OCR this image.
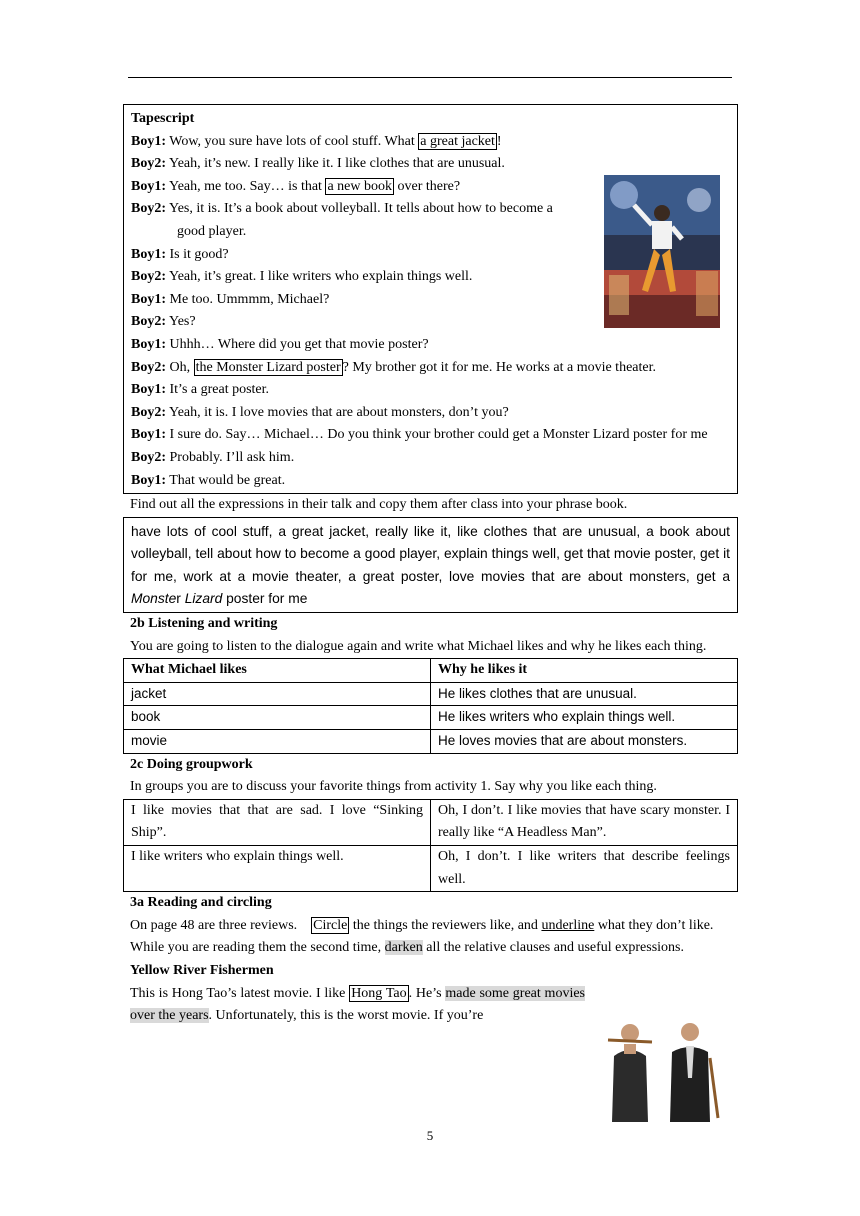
Tapescript
Boy1: Wow, you sure have lots of cool stuff. What a great jacket !
Boy2: Yeah, it’s new. I really like it. I like clothes that are unusual.
Boy1: Yeah, me too. Say… is that a new book over there?
Boy2: Yes, it is. It’s a book about volleyball. It tells about how to become a
good player.
Boy1: Is it good?
Boy2: Yeah, it’s great. I like writers who explain things well.
Boy1: Me too. Ummmm, Michael?
Boy2: Yes?
Boy1: Uhhh… Where did you get that movie poster?
Boy2: Oh, the Monster Lizard poster ? My brother got it for me. He works at a movie theater.
Boy1: It’s a great poster.
Boy2: Yeah, it is. I love movies that are about monsters, don’t you?
Boy1: I sure do. Say… Michael… Do you think your brother could get a Monster Lizard poster for me
Boy2: Probably. I’ll ask him.
Boy1: That would be great.
Find out all the expressions in their talk and copy them after class into your phrase book.
have lots of cool stuff, a great jacket, really like it, like clothes that are unusual, a book about volleyball, tell about how to become a good player, explain things well, get that movie poster, get it for me, work at a movie theater, a great poster, love movies that are about monsters, get a Monster Lizard poster for me
2b Listening and writing
You are going to listen to the dialogue again and write what Michael likes and why he likes each thing.
What Michael likes	Why he likes it
jacket	He likes clothes that are unusual.
book	He likes writers who explain things well.
movie	He loves movies that are about monsters.
2c Doing groupwork
In groups you are to discuss your favorite things from activity 1. Say why you like each thing.
I like movies that that are sad. I love “Sinking Ship”.	Oh, I don’t. I like movies that have scary monster. I really like “A Headless Man”.
I like writers who explain things well.	Oh, I don’t. I like writers that describe feelings well.
3a Reading and circling
On page 48 are three reviews.    Circle the things the reviewers like, and underline what they don’t like.
While you are reading them the second time, darken all the relative clauses and useful expressions.
Yellow River Fishermen
This is Hong Tao’s latest movie. I like Hong Tao . He’s made some great movies over the years. Unfortunately, this is the worst movie. If you’re
5
